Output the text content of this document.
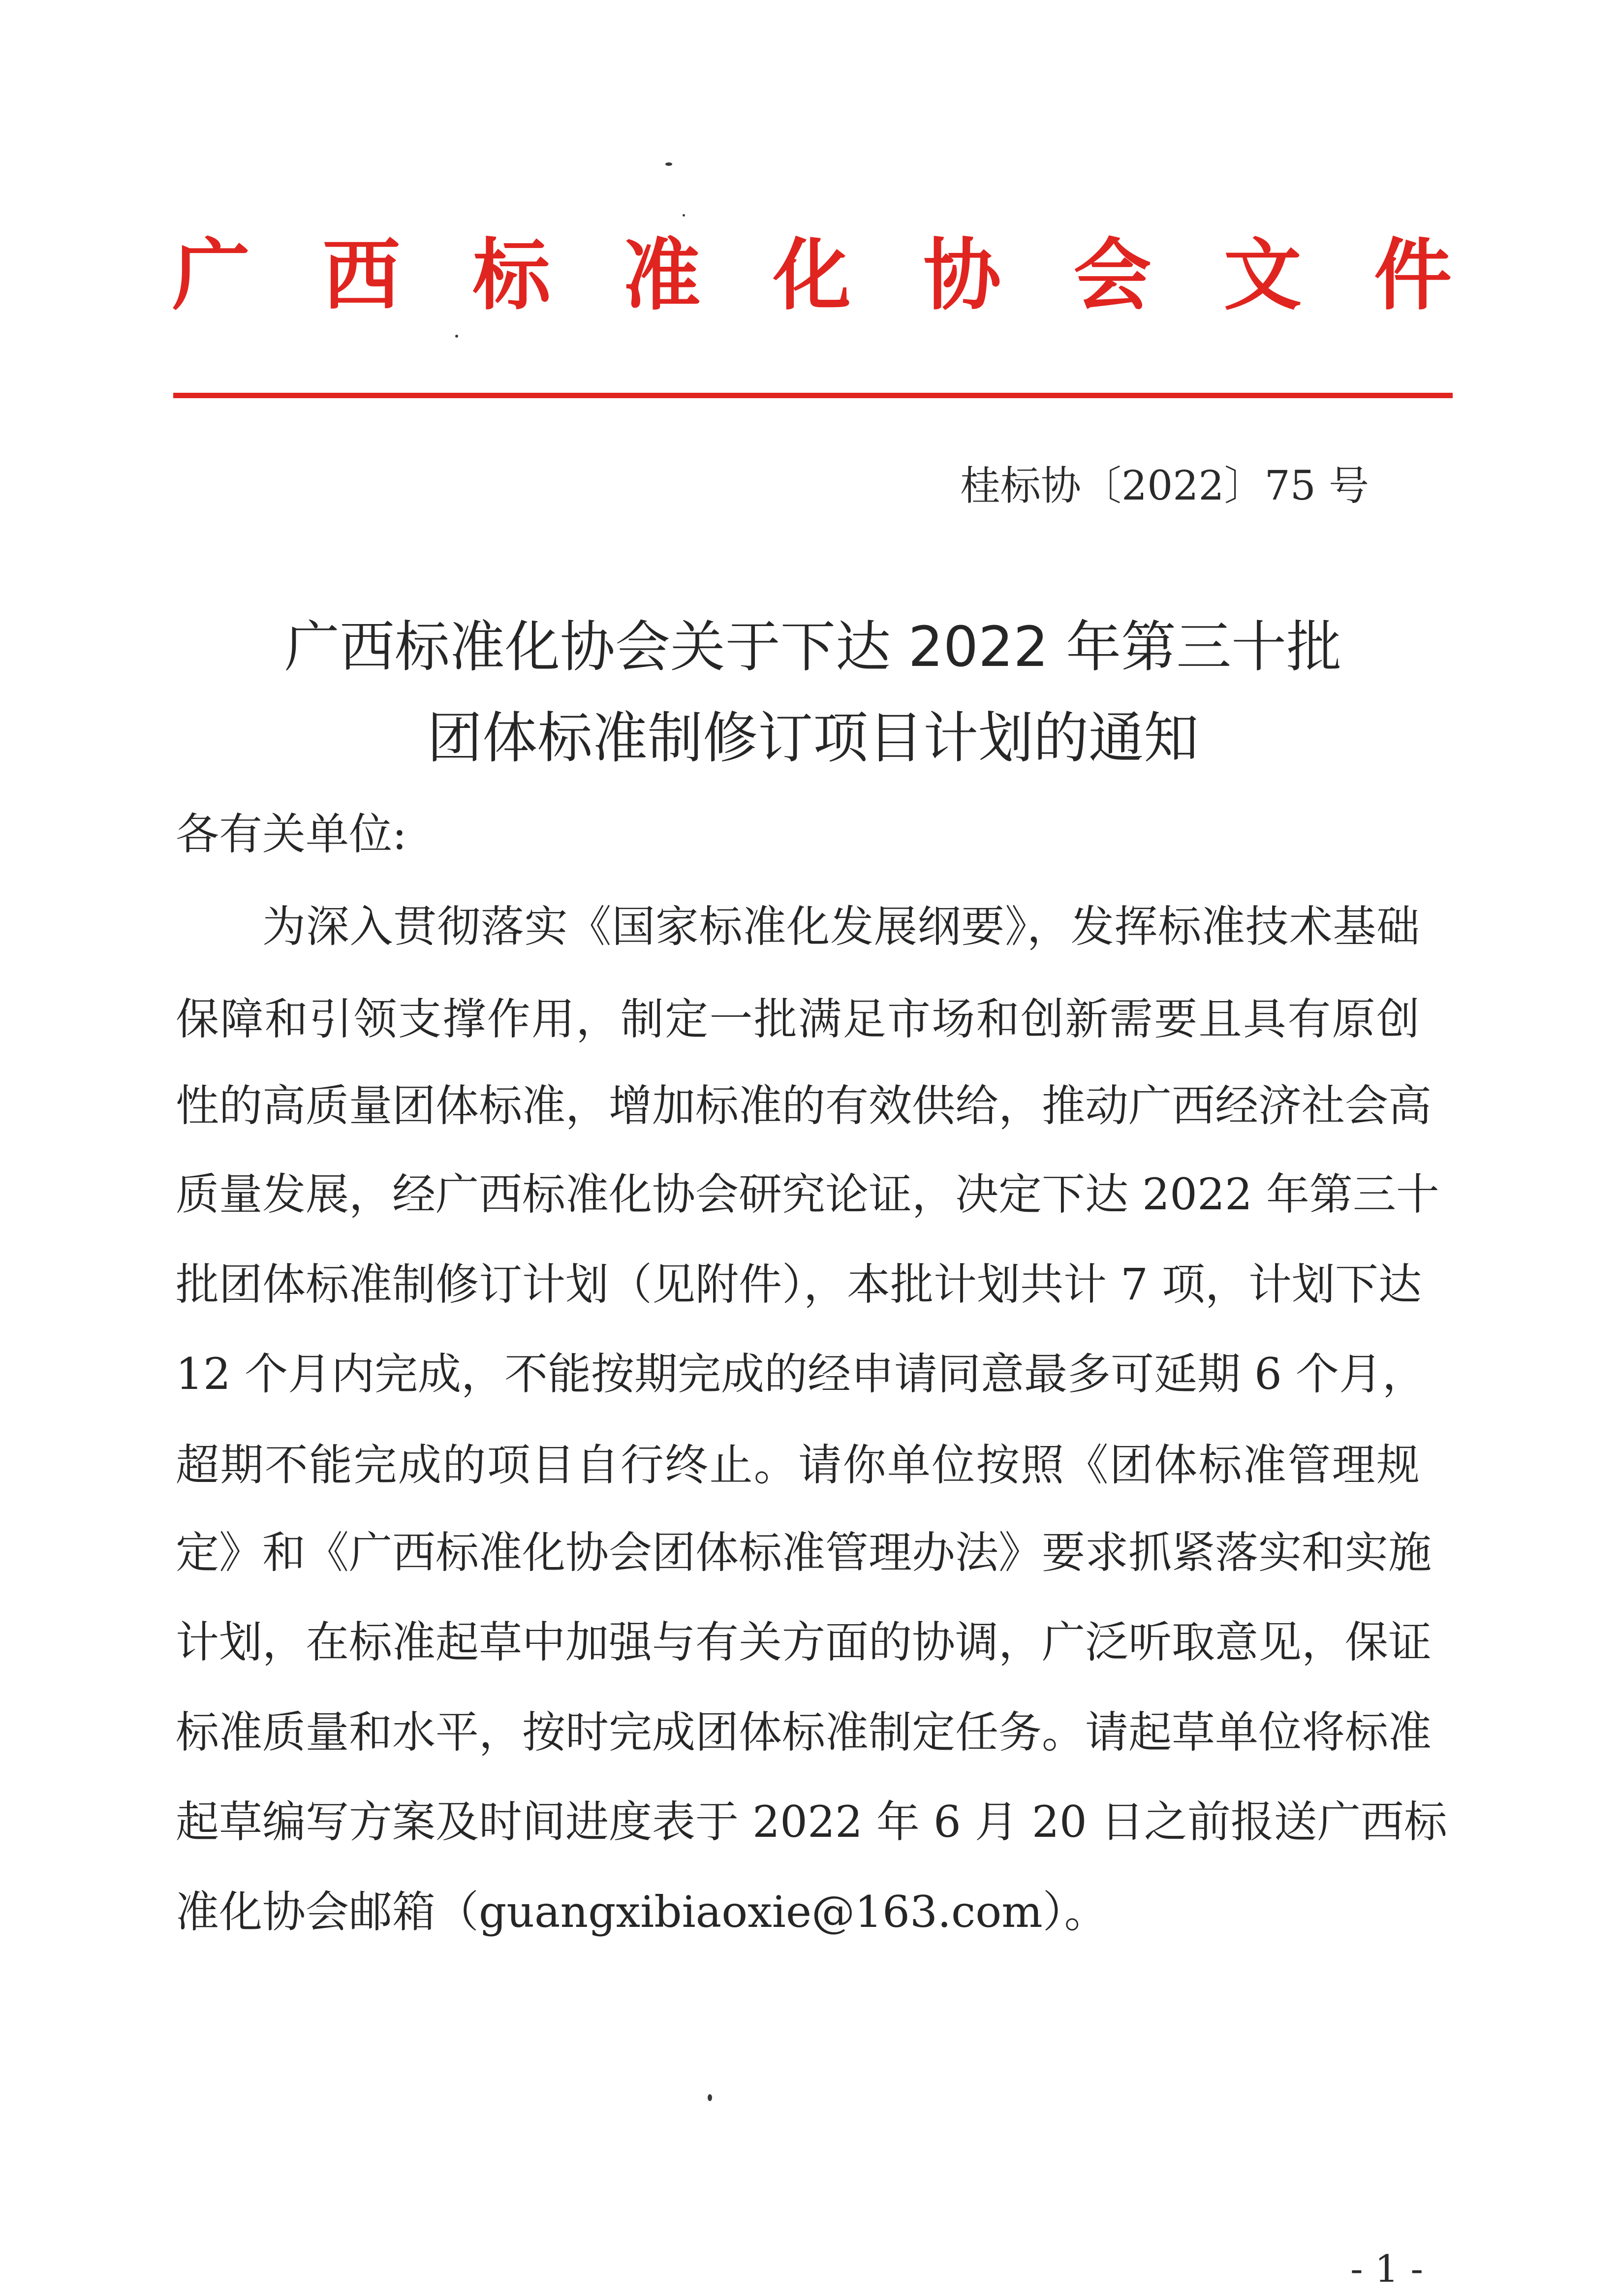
广 西 标 准 化 协 会 文 件
桂标协〔2022〕75 号
广西标准化协会关于下达 2022 年第三十批
团体标准制修订项目计划的通知
各有关单位:
为深入贯彻落实《国家标准化发展纲要》，发挥标准技术基础
保障和引领支撑作用，制定一批满足市场和创新需要且具有原创
性的高质量团体标准，增加标准的有效供给，推动广西经济社会高
质量发展，经广西标准化协会研究论证，决定下达 2022 年第三十
批团体标准制修订计划（见附件），本批计划共计 7 项，计划下达
12 个月内完成，不能按期完成的经申请同意最多可延期 6 个月，
超期不能完成的项目自行终止。请你单位按照《团体标准管理规
定》和《广西标准化协会团体标准管理办法》要求抓紧落实和实施
计划，在标准起草中加强与有关方面的协调，广泛听取意见，保证
标准质量和水平，按时完成团体标准制定任务。请起草单位将标准
起草编写方案及时间进度表于 2022 年 6 月 20 日之前报送广西标
准化协会邮箱（guangxibiaoxie@163.com）。
- 1 -
